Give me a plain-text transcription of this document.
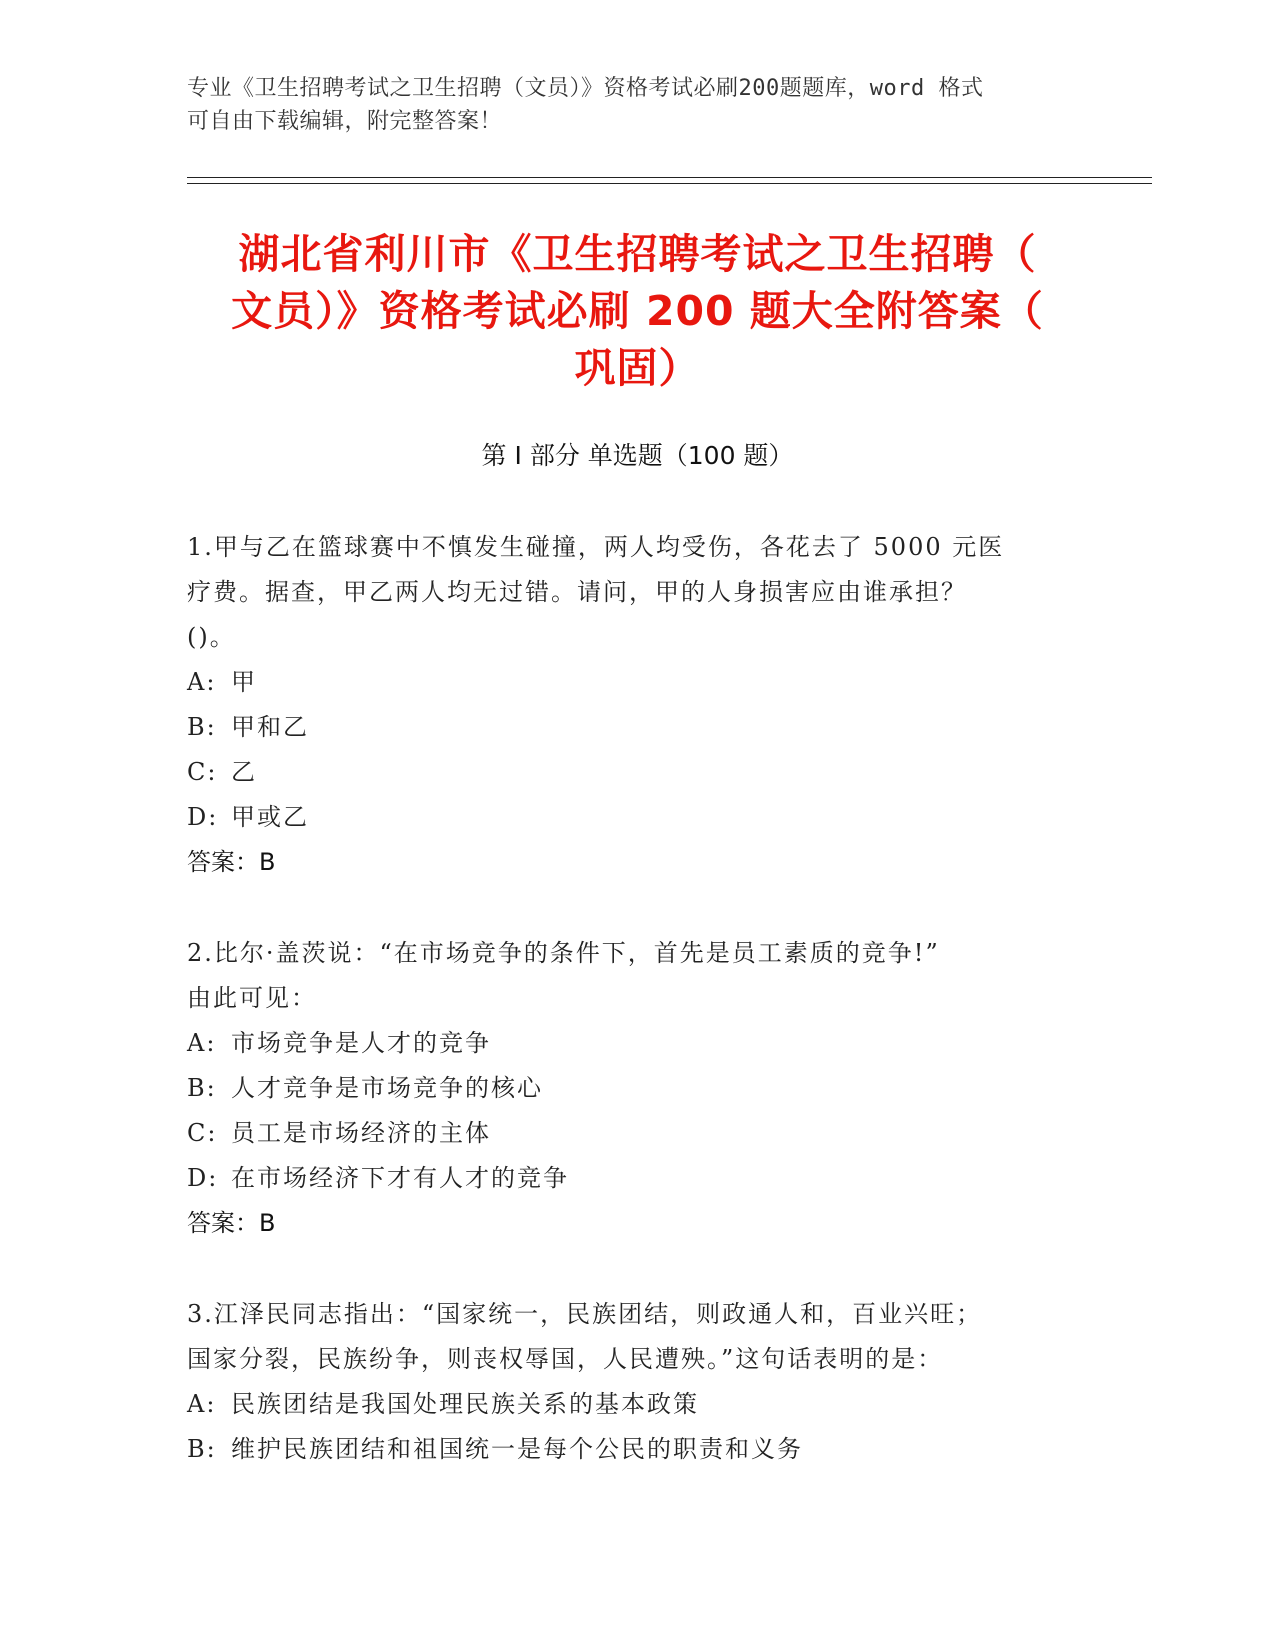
专业《卫生招聘考试之卫生招聘（文员）》资格考试必刷200题题库，word 格式
可自由下载编辑，附完整答案！
湖北省利川市《卫生招聘考试之卫生招聘（
文员）》资格考试必刷 200 题大全附答案（
巩固）
第 I 部分 单选题（100 题）
1.甲与乙在篮球赛中不慎发生碰撞，两人均受伤，各花去了 5000 元医
疗费。据查，甲乙两人均无过错。请问，甲的人身损害应由谁承担？
()。
A: 甲
B: 甲和乙
C: 乙
D: 甲或乙
答案：B
2.比尔·盖茨说：“在市场竞争的条件下，首先是员工素质的竞争!”
由此可见：
A: 市场竞争是人才的竞争
B: 人才竞争是市场竞争的核心
C: 员工是市场经济的主体
D: 在市场经济下才有人才的竞争
答案：B
3.江泽民同志指出：“国家统一，民族团结，则政通人和，百业兴旺；
国家分裂，民族纷争，则丧权辱国，人民遭殃。”这句话表明的是：
A: 民族团结是我国处理民族关系的基本政策
B: 维护民族团结和祖国统一是每个公民的职责和义务
